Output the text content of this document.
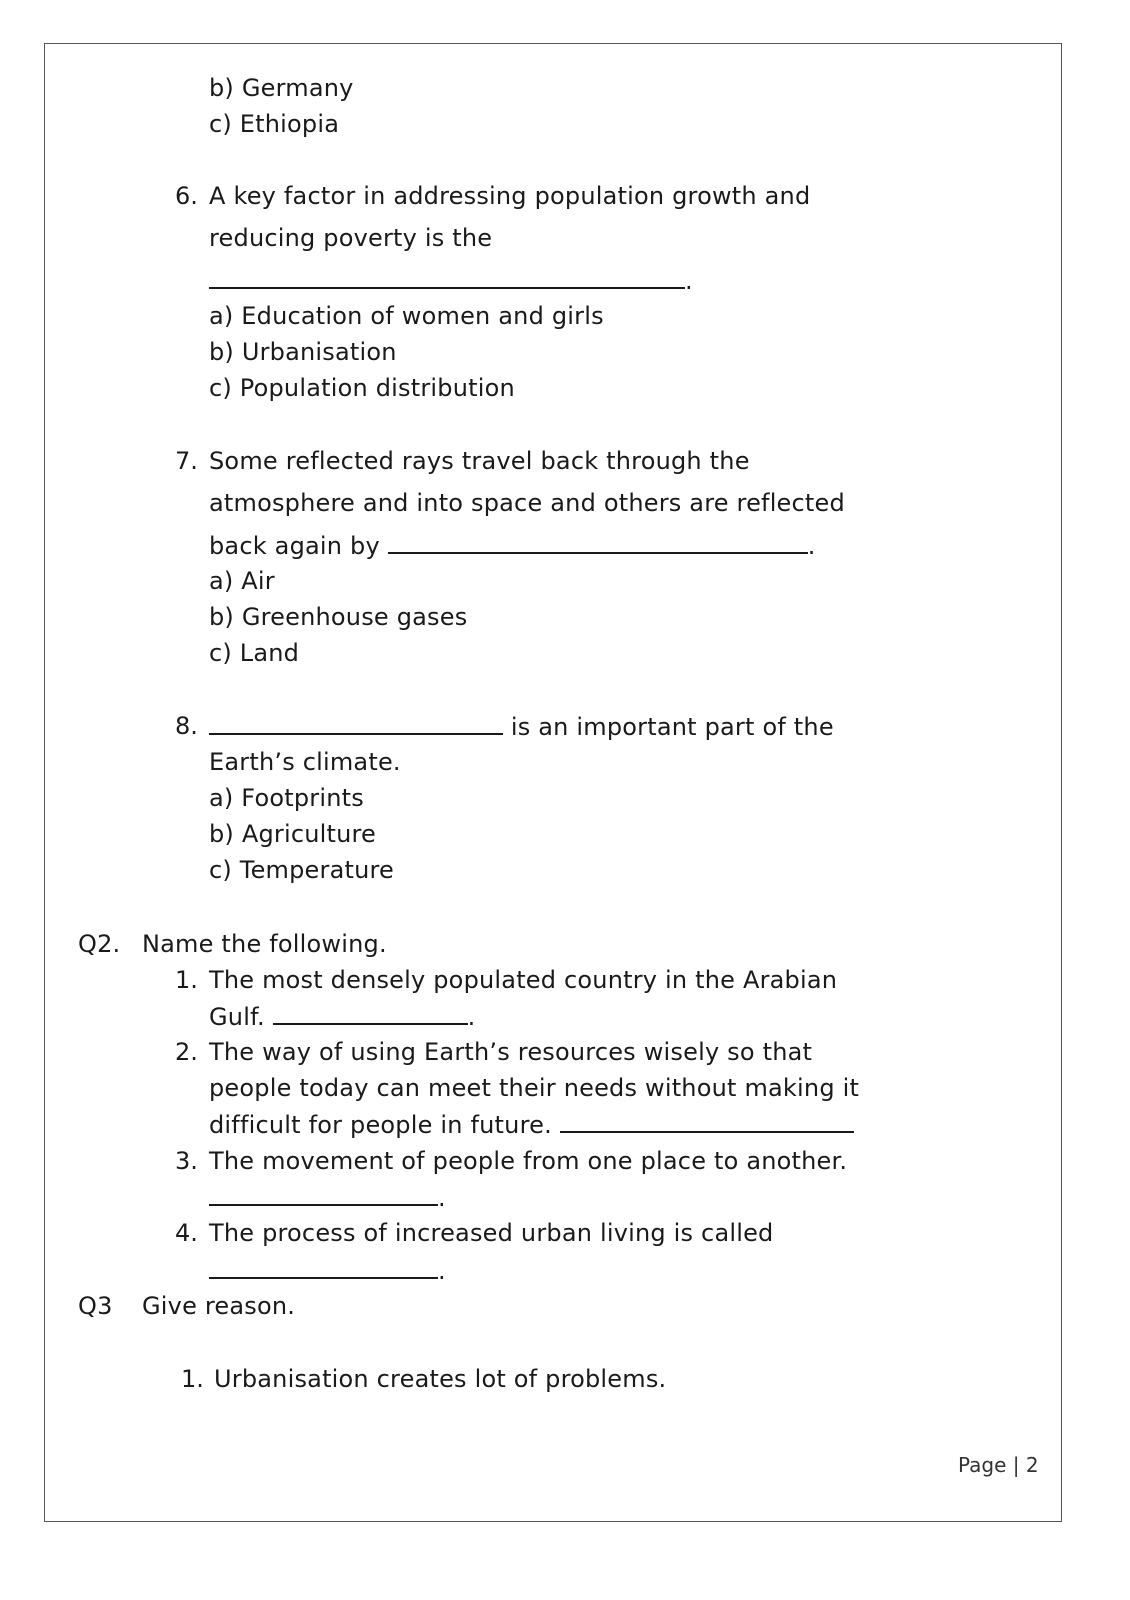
b) Germany
c) Ethiopia
6. A key factor in addressing population growth and
reducing poverty is the
.
a) Education of women and girls
b) Urbanisation
c) Population distribution
7. Some reflected rays travel back through the
atmosphere and into space and others are reflected
back again by	.
a) Air
b) Greenhouse gases
c) Land
8.	is an important part of the
Earth’s climate.
a) Footprints
b) Agriculture
c) Temperature
Q2. Name the following.
1. The most densely populated country in the Arabian
Gulf.	.
2. The way of using Earth’s resources wisely so that
people today can meet their needs without making it
difficult for people in future.
3. The movement of people from one place to another.
.
4. The process of increased urban living is called
.
Q3 Give reason.
1. Urbanisation creates lot of problems.
Page | 2
